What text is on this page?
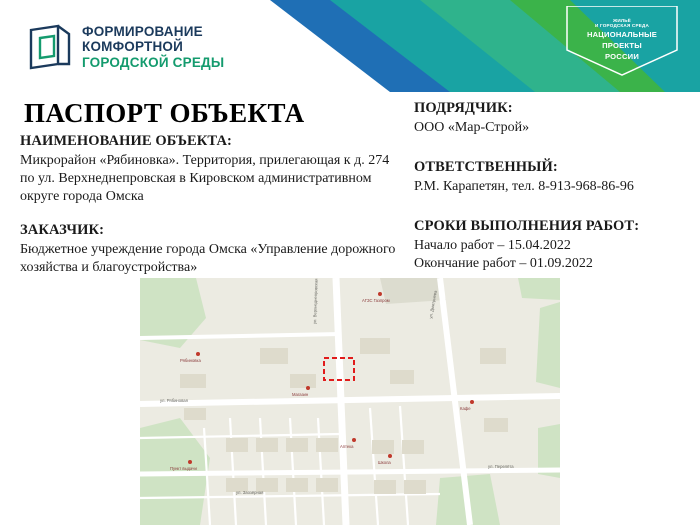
ЖИЛЬЁ
И ГОРОДСКАЯ СРЕДА
НАЦИОНАЛЬНЫЕ
ПРОЕКТЫ
РОССИИ
ФОРМИРОВАНИЕ
КОМФОРТНОЙ
ГОРОДСКОЙ СРЕДЫ
ПАСПОРТ ОБЪЕКТА
НАИМЕНОВАНИЕ ОБЪЕКТА:
Микрорайон «Рябиновка». Территория, прилегающая к д. 274
по ул. Верхнеднепровская в Кировском административном
округе города Омска
ЗАКАЗЧИК:
Бюджетное учреждение города Омска «Управление дорожного
хозяйства и благоустройства»
ПОДРЯДЧИК:
ООО «Мар-Строй»
ОТВЕТСТВЕННЫЙ:
Р.М. Карапетян, тел. 8-913-968-86-96
СРОКИ ВЫПОЛНЕНИЯ РАБОТ:
Начало работ – 15.04.2022
Окончание работ – 01.09.2022
Рябиновка
Магазин
Аптека
Школа
Кафе
АГЗС Газпром
Пункт выдачи
ул. Верхнеднепровская
ул. Рябиновая
ул. Дмитриева
ул. Перелёта
ул. Заозёрная
